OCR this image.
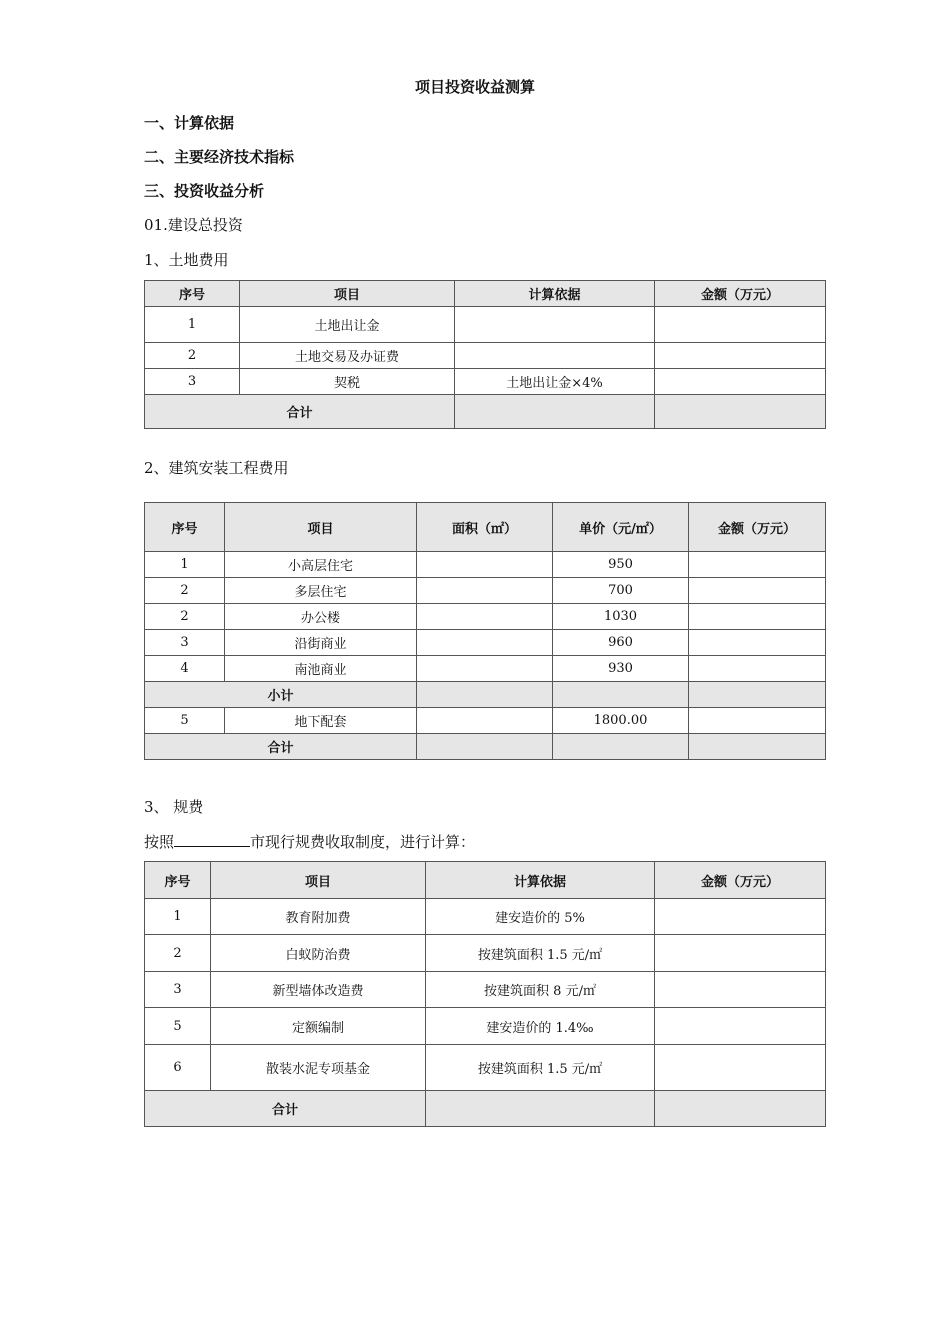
项目投资收益测算
一、计算依据
二、主要经济技术指标
三、投资收益分析
01.建设总投资
1、土地费用
序号	项目	计算依据	金额（万元）
1	土地出让金		
2	土地交易及办证费		
3	契税	土地出让金×4%	
合计			
2、建筑安装工程费用
序号	项目	面积（㎡）	单价（元/㎡）	金额（万元）
1	小高层住宅		950	
2	多层住宅		700	
2	办公楼		1030	
3	沿街商业		960	
4	南池商业		930	
小计				
5	地下配套		1800.00	
合计				
3、 规费
按照	市现行规费收取制度，进行计算：
序号	项目	计算依据	金额（万元）
1	教育附加费	建安造价的 5%	
2	白蚁防治费	按建筑面积 1.5 元/㎡	
3	新型墙体改造费	按建筑面积 8 元/㎡	
5	定额编制	建安造价的 1.4‰	
6	散装水泥专项基金	按建筑面积 1.5 元/㎡	
合计			
